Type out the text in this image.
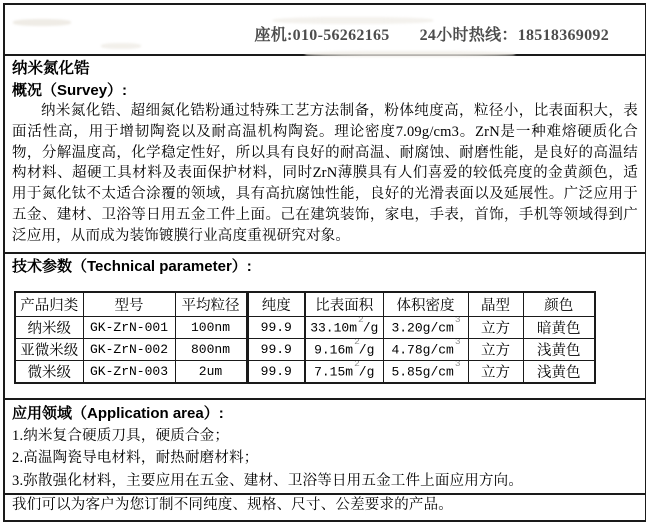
座机:010-56262165 24小时热线：18518369092
纳米氮化锆
概况（Survey）:

纳米氮化锆、超细氮化锆粉通过特殊工艺方法制备，粉体纯度高，粒径小，比表面积大，表面活性高，用于增韧陶瓷以及耐高温机构陶瓷。理论密度7.09g/cm3。ZrN是一种难熔硬质化合物，分解温度高，化学稳定性好，所以具有良好的耐高温、耐腐蚀、耐磨性能，是良好的高温结构材料、超硬工具材料及表面保护材料，同时ZrN薄膜具有人们喜爱的较低亮度的金黄颜色，适用于氮化钛不太适合涂覆的领域，具有高抗腐蚀性能，良好的光滑表面以及延展性。广泛应用于五金、建材、卫浴等日用五金工件上面。己在建筑装饰，家电，手表，首饰，手机等领域得到广泛应用，从而成为装饰镀膜行业高度重视研究对象。

技术参数（Technical parameter）:
产品归类	型号	平均粒径	纯度	比表面积	体积密度	晶型	颜色
纳米级	GK-ZrN-001	100nm	99.9	$33.10m^2/g$	$3.20g/cm^3$	立方	暗黄色
亚微米级	GK-ZrN-002	800nm	99.9	$9.16m^2/g$	$4.78g/cm^3$	立方	浅黄色
微米级	GK-ZrN-003	2um	99.9	$7.15m^2/g$	$5.85g/cm^3$	立方	浅黄色
应用领域（Application area）:
1.纳米复合硬质刀具，硬质合金；
2.高温陶瓷导电材料，耐热耐磨材料；
3.弥散强化材料，主要应用在五金、建材、卫浴等日用五金工件上面应用方向。
我们可以为客户为您订制不同纯度、规格、尺寸、公差要求的产品。
